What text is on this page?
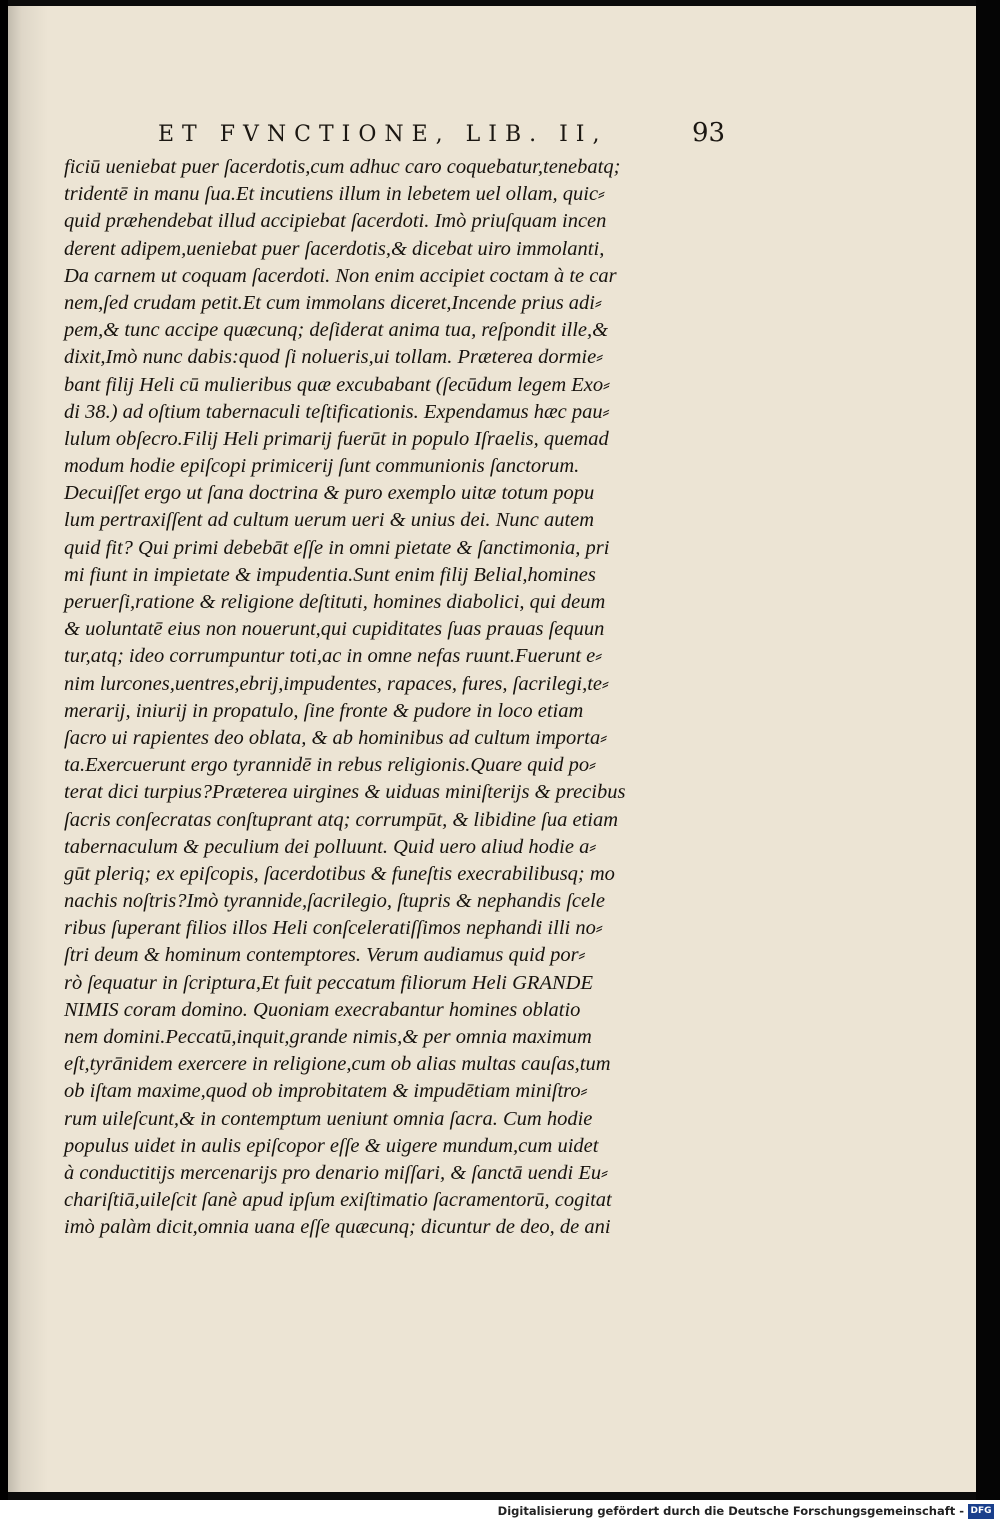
ET FVNCTIONE, LIB. II,	93
ficiū ueniebat puer ſacerdotis,cum adhuc caro coquebatur,tenebatq;
tridentē in manu ſua.Et incutiens illum in lebetem uel ollam, quic⸗
quid præhendebat illud accipiebat ſacerdoti. Imò priuſquam incen
derent adipem,ueniebat puer ſacerdotis,& dicebat uiro immolanti,
Da carnem ut coquam ſacerdoti. Non enim accipiet coctam à te car
nem,ſed crudam petit.Et cum immolans diceret,Incende prius adi⸗
pem,& tunc accipe quæcunq; deſiderat anima tua, reſpondit ille,&
dixit,Imò nunc dabis:quod ſi nolueris,ui tollam. Præterea dormie⸗
bant filij Heli cū mulieribus quæ excubabant (ſecūdum legem Exo⸗
di 38.) ad oſtium tabernaculi teſtificationis. Expendamus hæc pau⸗
lulum obſecro.Filij Heli primarij fuerūt in populo Iſraelis, quemad
modum hodie epiſcopi primicerij ſunt communionis ſanctorum.
Decuiſſet ergo ut ſana doctrina & puro exemplo uitæ totum popu
lum pertraxiſſent ad cultum uerum ueri & unius dei. Nunc autem
quid fit? Qui primi debebāt eſſe in omni pietate & ſanctimonia, pri
mi fiunt in impietate & impudentia.Sunt enim filij Belial,homines
peruerſi,ratione & religione deſtituti, homines diabolici, qui deum
& uoluntatē eius non nouerunt,qui cupiditates ſuas prauas ſequun
tur,atq; ideo corrumpuntur toti,ac in omne nefas ruunt.Fuerunt e⸗
nim lurcones,uentres,ebrij,impudentes, rapaces, fures, ſacrilegi,te⸗
merarij, iniurij in propatulo, ſine fronte & pudore in loco etiam
ſacro ui rapientes deo oblata, & ab hominibus ad cultum importa⸗
ta.Exercuerunt ergo tyrannidē in rebus religionis.Quare quid po⸗
terat dici turpius?Præterea uirgines & uiduas miniſterijs & precibus
ſacris conſecratas conſtuprant atq; corrumpūt, & libidine ſua etiam
tabernaculum & peculium dei polluunt. Quid uero aliud hodie a⸗
gūt pleriq; ex epiſcopis, ſacerdotibus & funeſtis execrabilibusq; mo
nachis noſtris?Imò tyrannide,ſacrilegio, ſtupris & nephandis ſcele
ribus ſuperant filios illos Heli conſceleratiſſimos nephandi illi no⸗
ſtri deum & hominum contemptores. Verum audiamus quid por⸗
rò ſequatur in ſcriptura,Et fuit peccatum filiorum Heli GRANDE
NIMIS coram domino. Quoniam execrabantur homines oblatio
nem domini.Peccatū,inquit,grande nimis,& per omnia maximum
eſt,tyrānidem exercere in religione,cum ob alias multas cauſas,tum
ob iſtam maxime,quod ob improbitatem & impudētiam miniſtro⸗
rum uileſcunt,& in contemptum ueniunt omnia ſacra. Cum hodie
populus uidet in aulis epiſcopor eſſe & uigere mundum,cum uidet
à conductitijs mercenarijs pro denario miſſari, & ſanctā uendi Eu⸗
chariſtiā,uileſcit ſanè apud ipſum exiſtimatio ſacramentorū, cogitat
imò palàm dicit,omnia uana eſſe quæcunq; dicuntur de deo, de ani
Digitalisierung gefördert durch die Deutsche Forschungsgemeinschaft - DFG
